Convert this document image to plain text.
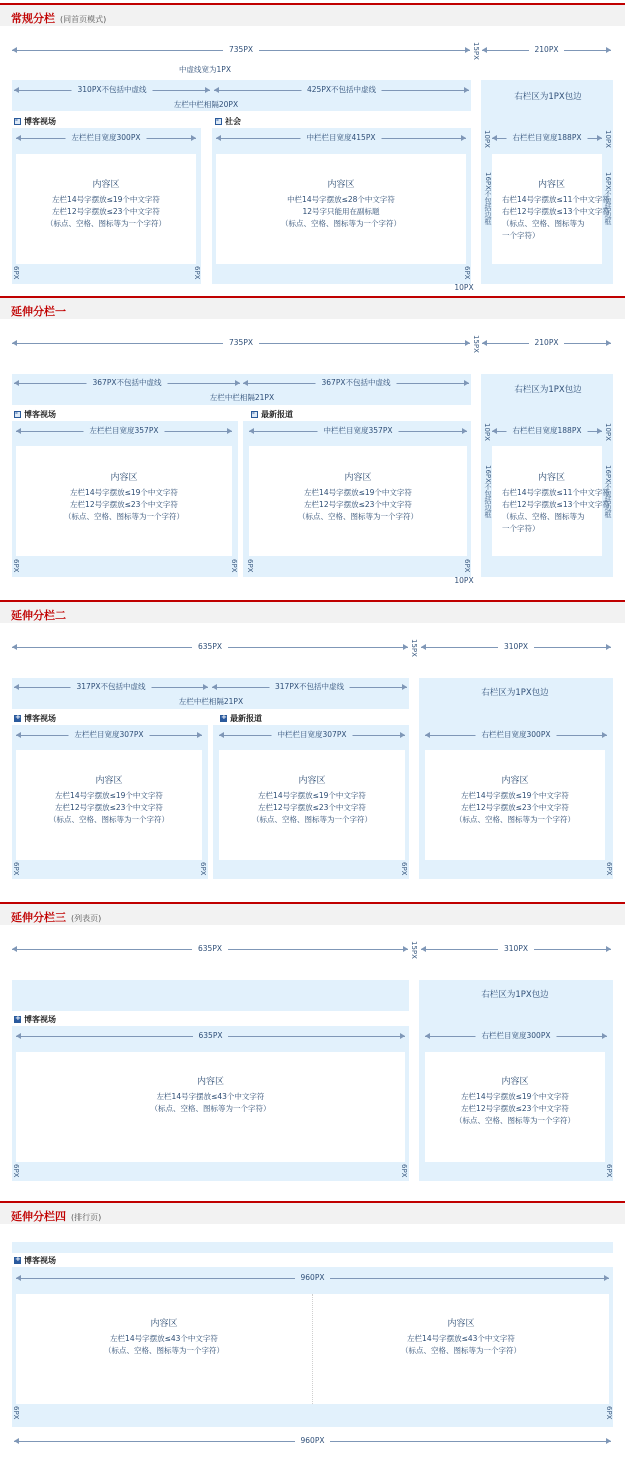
常规分栏 (同首页模式)
735PX	15PX	210PX
中虚线宽为1PX
310PX不包括中虚线	425PX不包括中虚线
左栏中栏相隔20PX
-博客视场 -	社会
+
右栏区为1PX包边
左栏栏目宽度300PX	中栏栏目宽度415PX	右栏栏目宽度188PX
10PX	10PX
16PX不包括边框	16PX不包括边框
内容区
左栏14号字摆放≤19个中文字符
左栏12号字摆放≤23个中文字符
（标点、空格、图标等为一个字符）
内容区
中栏14号字摆放≤28个中文字符
12号字只能用在副标题
（标点、空格、图标等为一个字符）
内容区
右栏14号字摆放≤11个中文字符
右栏12号字摆放≤13个中文字符
（标点、空格、图标等为
一个字符）
6PX	6PX	6PX
10PX
延伸分栏一
735PX	15PX	210PX
367PX不包括中虚线	367PX不包括中虚线
左栏中栏相隔21PX
-博客视场 -	最新报道
+
右栏区为1PX包边
左栏栏目宽度357PX	中栏栏目宽度357PX	右栏栏目宽度188PX
10PX	10PX
16PX不包括边框	16PX不包括边框
内容区
左栏14号字摆放≤19个中文字符
左栏12号字摆放≤23个中文字符
（标点、空格、图标等为一个字符）
内容区
左栏14号字摆放≤19个中文字符
左栏12号字摆放≤23个中文字符
（标点、空格、图标等为一个字符）
内容区
右栏14号字摆放≤11个中文字符
右栏12号字摆放≤13个中文字符
（标点、空格、图标等为
一个字符）
6PX	6PX 6PX	6PX
10PX
延伸分栏二
635PX	15PX	310PX
317PX不包括中虚线	317PX不包括中虚线
左栏中栏相隔21PX
+博客视场 +	最新报道
+
右栏区为1PX包边
左栏栏目宽度307PX	中栏栏目宽度307PX	右栏栏目宽度300PX
内容区
左栏14号字摆放≤19个中文字符
左栏12号字摆放≤23个中文字符
（标点、空格、图标等为一个字符）
内容区
左栏14号字摆放≤19个中文字符
左栏12号字摆放≤23个中文字符
（标点、空格、图标等为一个字符）
内容区
左栏14号字摆放≤19个中文字符
左栏12号字摆放≤23个中文字符
（标点、空格、图标等为一个字符）
6PX	6PX	6PX	6PX
延伸分栏三 (列表页)
635PX	15PX	310PX
+博客视场
+
右栏区为1PX包边
635PX	右栏栏目宽度300PX
内容区
左栏14号字摆放≤43个中文字符
（标点、空格、图标等为一个字符）
内容区
左栏14号字摆放≤19个中文字符
左栏12号字摆放≤23个中文字符
（标点、空格、图标等为一个字符）
6PX	6PX	6PX
延伸分栏四 (排行页)
+博客视场
960PX
内容区
左栏14号字摆放≤43个中文字符
（标点、空格、图标等为一个字符）
内容区
左栏14号字摆放≤43个中文字符
（标点、空格、图标等为一个字符）
6PX	6PX
960PX
